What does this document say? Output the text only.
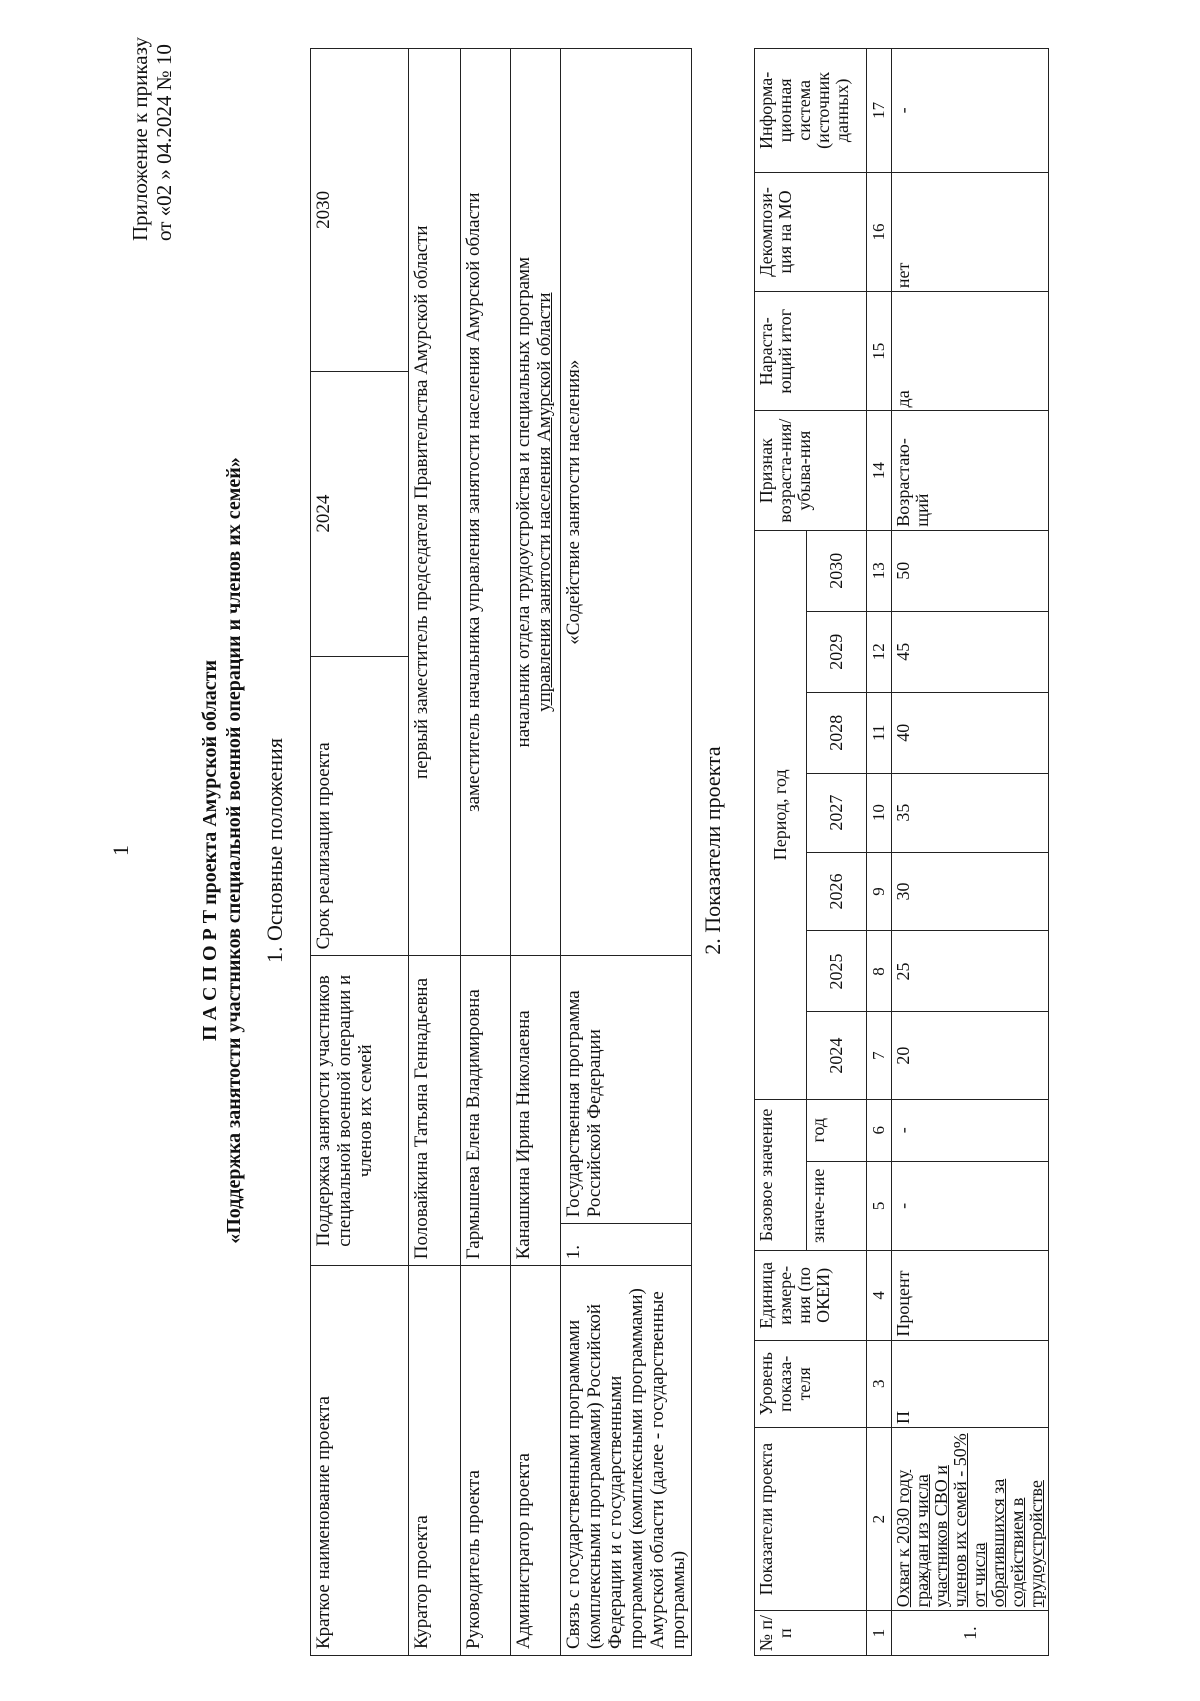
1
Приложение к приказу от «02 » 04.2024 № 10
П А С П О Р Т проекта Амурской области «Поддержка занятости участников специальной военной операции и членов их семей» 1. Основные положения
Краткое наименование проекта	Поддержка занятости участников специальной военной операции и членов их семей		Срок реализации проекта	2024	2030
Куратор проекта	Половайкина Татьяна Геннадьевна		первый заместитель председателя Правительства Амурской области		
Руководитель проекта	Гармышева Елена Владимировна		заместитель начальника управления занятости населения Амурской области		
Администратор проекта	Канашкина Ирина Николаевна		начальник отдела трудоустройства и специальных программ управления занятости населения Амурской области		

Связь с государственными программами (комплексными программами) Российской Федерации и с государственными программами (комплексными программами) Амурской области (далее - государственные программы)	1.	Государственная программа Российской Федерации	«Содействие занятости населения»		
2. Показатели проекта
№ п/п	Показатели проекта	Уровень показа-теля	Единица измере-ния (по ОКЕИ)	Базовое значение		Период, год							Признак возраста-ния/убыва-ния	Нараста-ющий итог	Декомпози-ция на МО	Информа-ционная система (источник данных)
				значе-ние	год	2024	2025	2026	2027	2028	2029	2030				
1	2	3	4	5	6	7	8	9	10	11	12	13	14	15	16	17
1.	Охват к 2030 году граждан из числа участников СВО и членов их семей - 50% от числа обратившихся за содействием в трудоустройстве	П	Процент	-	-	20	25	30	35	40	45	50	Возрастаю-щий	да	нет	-
